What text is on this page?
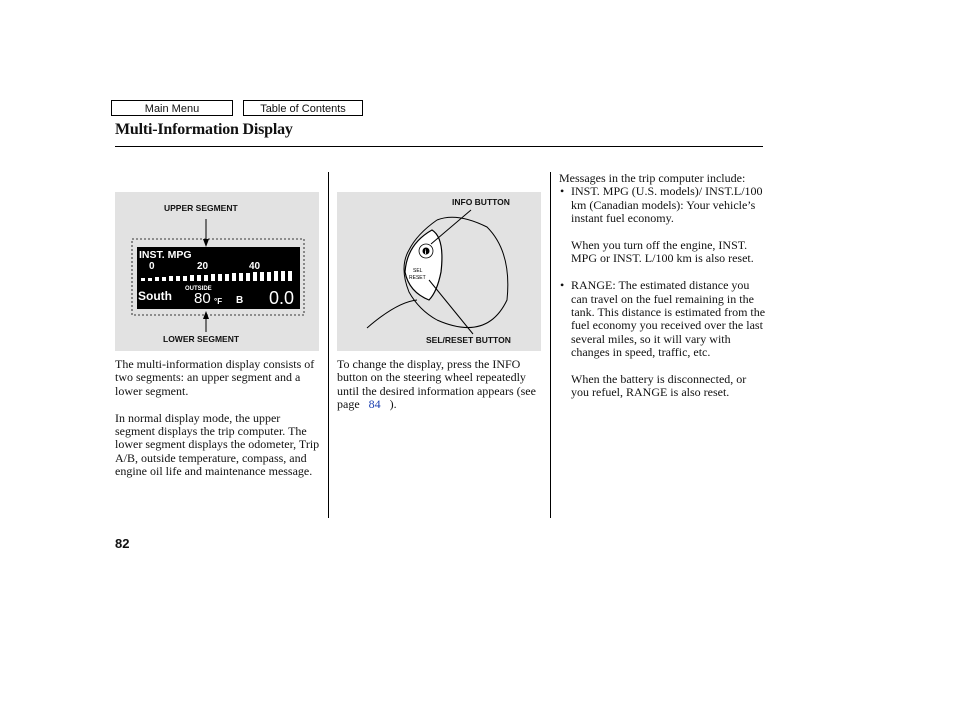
Main Menu	Table of Contents
Multi-Information Display
INST. MPG
0	20	40
South OUTSIDE
80 °F B 0.0
UPPER SEGMENT
LOWER SEGMENT
i
SEL
RESET
INFO BUTTON
SEL/RESET BUTTON

The multi-information display consists of two segments: an upper segment and a lower segment.

In normal display mode, the upper segment displays the trip computer. The lower segment displays the odometer, Trip A/B, outside temperature, compass, and engine oil life and maintenance message.

To change the display, press the INFO button on the steering wheel repeatedly until the desired information appears (see page 84 ).

Messages in the trip computer include:
• INST. MPG (U.S. models)/ INST.L/100 km (Canadian models): Your vehicle’s instant fuel economy.
When you turn off the engine, INST. MPG or INST. L/100 km is also reset.
• RANGE: The estimated distance you can travel on the fuel remaining in the tank. This distance is estimated from the fuel economy you received over the last several miles, so it will vary with changes in speed, traffic, etc.
When the battery is disconnected, or you refuel, RANGE is also reset.
82
